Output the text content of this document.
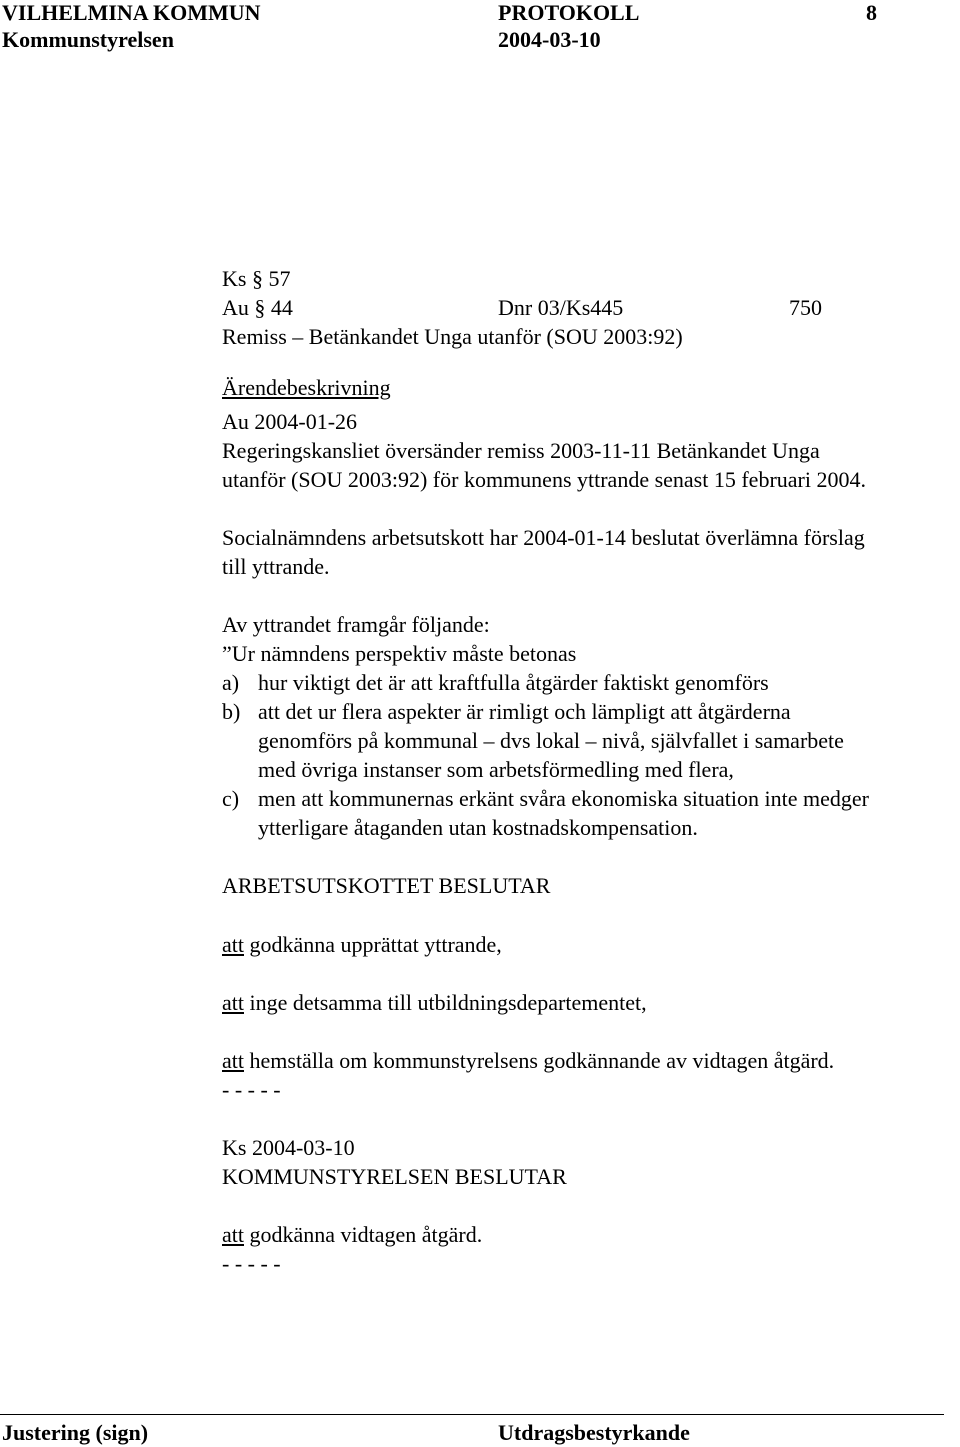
VILHELMINA KOMMUN	PROTOKOLL	8
Kommunstyrelsen	2004-03-10
Ks § 57
Au § 44	Dnr 03/Ks445	750
Remiss – Betänkandet Unga utanför (SOU 2003:92)
Ärendebeskrivning
Au 2004-01-26
Regeringskansliet översänder remiss 2003-11-11 Betänkandet Unga
utanför (SOU 2003:92) för kommunens yttrande senast 15 februari 2004.
Socialnämndens arbetsutskott har 2004-01-14 beslutat överlämna förslag
till yttrande.
Av yttrandet framgår följande:
”Ur nämndens perspektiv måste betonas
a) hur viktigt det är att kraftfulla åtgärder faktiskt genomförs
b) att det ur flera aspekter är rimligt och lämpligt att åtgärderna
genomförs på kommunal – dvs lokal – nivå, självfallet i samarbete
med övriga instanser som arbetsförmedling med flera,
c) men att kommunernas erkänt svåra ekonomiska situation inte medger
ytterligare åtaganden utan kostnadskompensation.
ARBETSUTSKOTTET BESLUTAR
att godkänna upprättat yttrande,
att inge detsamma till utbildningsdepartementet,
att hemställa om kommunstyrelsens godkännande av vidtagen åtgärd.
- - - - -
Ks 2004-03-10
KOMMUNSTYRELSEN BESLUTAR
att godkänna vidtagen åtgärd.
- - - - -
Justering (sign)	Utdragsbestyrkande
